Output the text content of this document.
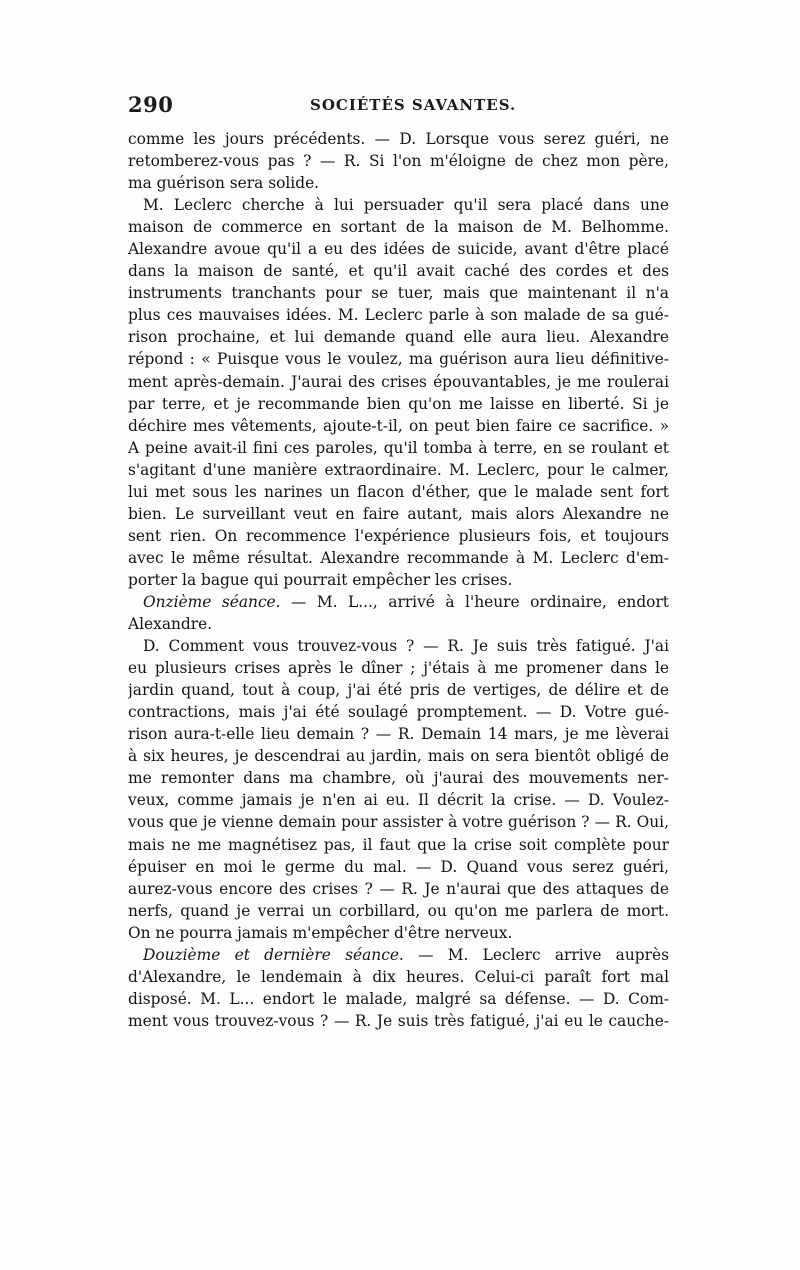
290	SOCIÉTÉS SAVANTES.
comme les jours précédents. — D. Lorsque vous serez guéri, ne
retomberez-vous pas ? — R. Si l'on m'éloigne de chez mon père,
ma guérison sera solide.
M. Leclerc cherche à lui persuader qu'il sera placé dans une
maison de commerce en sortant de la maison de M. Belhomme.
Alexandre avoue qu'il a eu des idées de suicide, avant d'être placé
dans la maison de santé, et qu'il avait caché des cordes et des
instruments tranchants pour se tuer, mais que maintenant il n'a
plus ces mauvaises idées. M. Leclerc parle à son malade de sa gué-
rison prochaine, et lui demande quand elle aura lieu. Alexandre
répond : « Puisque vous le voulez, ma guérison aura lieu définitive-
ment après-demain. J'aurai des crises épouvantables, je me roulerai
par terre, et je recommande bien qu'on me laisse en liberté. Si je
déchire mes vêtements, ajoute-t-il, on peut bien faire ce sacrifice. »
A peine avait-il fini ces paroles, qu'il tomba à terre, en se roulant et
s'agitant d'une manière extraordinaire. M. Leclerc, pour le calmer,
lui met sous les narines un flacon d'éther, que le malade sent fort
bien. Le surveillant veut en faire autant, mais alors Alexandre ne
sent rien. On recommence l'expérience plusieurs fois, et toujours
avec le même résultat. Alexandre recommande à M. Leclerc d'em-
porter la bague qui pourrait empêcher les crises.
Onzième séance. — M. L..., arrivé à l'heure ordinaire, endort
Alexandre.
D. Comment vous trouvez-vous ? — R. Je suis très fatigué. J'ai
eu plusieurs crises après le dîner ; j'étais à me promener dans le
jardin quand, tout à coup, j'ai été pris de vertiges, de délire et de
contractions, mais j'ai été soulagé promptement. — D. Votre gué-
rison aura-t-elle lieu demain ? — R. Demain 14 mars, je me lèverai
à six heures, je descendrai au jardin, mais on sera bientôt obligé de
me remonter dans ma chambre, où j'aurai des mouvements ner-
veux, comme jamais je n'en ai eu. Il décrit la crise. — D. Voulez-
vous que je vienne demain pour assister à votre guérison ? — R. Oui,
mais ne me magnétisez pas, il faut que la crise soit complète pour
épuiser en moi le germe du mal. — D. Quand vous serez guéri,
aurez-vous encore des crises ? — R. Je n'aurai que des attaques de
nerfs, quand je verrai un corbillard, ou qu'on me parlera de mort.
On ne pourra jamais m'empêcher d'être nerveux.
Douzième et dernière séance. — M. Leclerc arrive auprès
d'Alexandre, le lendemain à dix heures. Celui-ci paraît fort mal
disposé. M. L... endort le malade, malgré sa défense. — D. Com-
ment vous trouvez-vous ? — R. Je suis très fatigué, j'ai eu le cauche-
